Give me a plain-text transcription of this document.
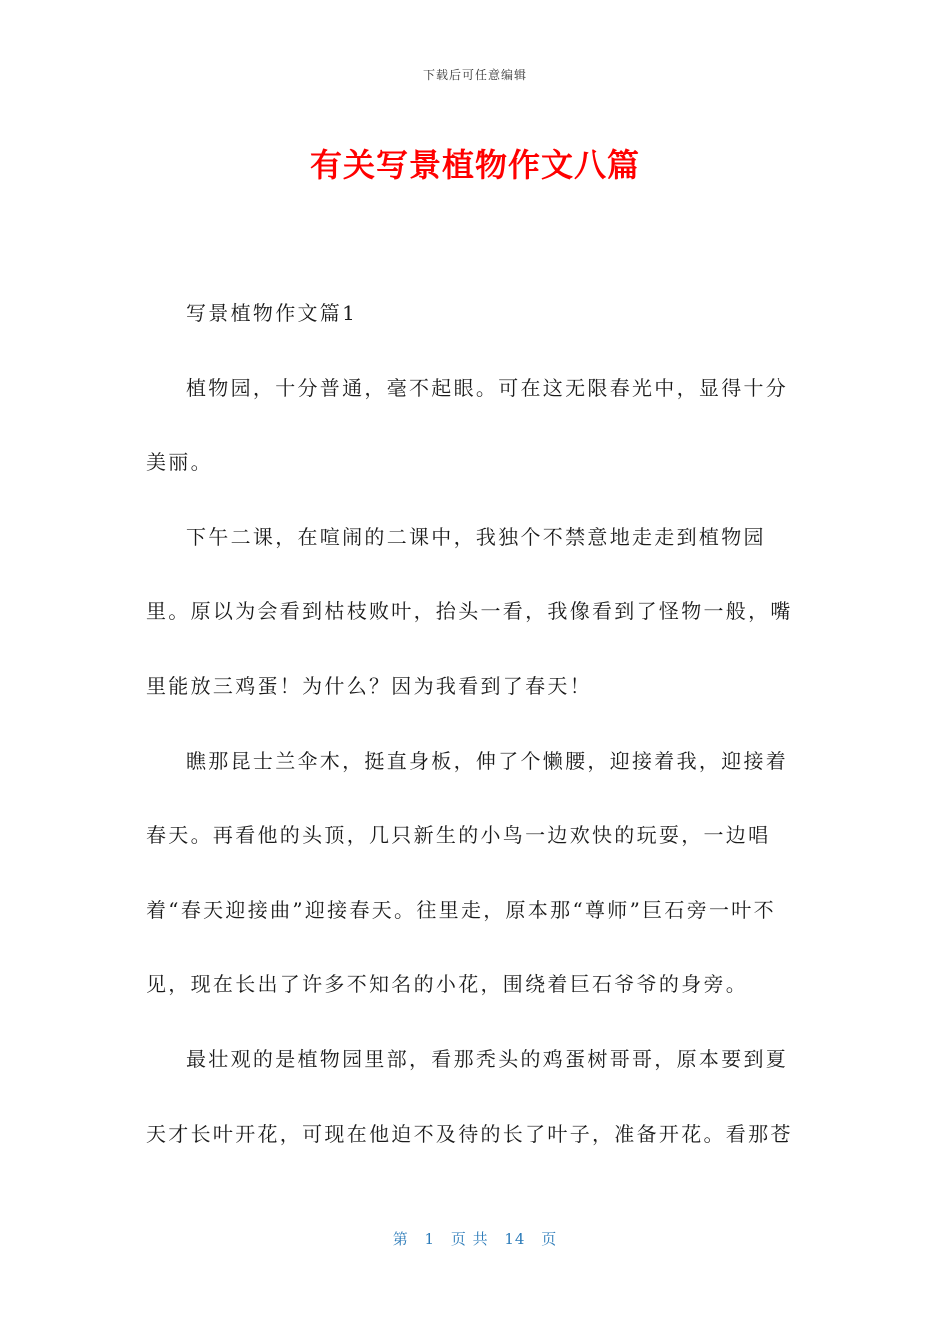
下载后可任意编辑
有关写景植物作文八篇

写景植物作文篇1

植物园，十分普通，毫不起眼。可在这无限春光中，显得十分美丽。

下午二课，在喧闹的二课中，我独个不禁意地走走到植物园里。原以为会看到枯枝败叶，抬头一看，我像看到了怪物一般，嘴里能放三鸡蛋！为什么？因为我看到了春天！

瞧那昆士兰伞木，挺直身板，伸了个懒腰，迎接着我，迎接着春天。再看他的头顶，几只新生的小鸟一边欢快的玩耍，一边唱着“春天迎接曲”迎接春天。往里走，原本那“尊师”巨石旁一叶不见，现在长出了许多不知名的小花，围绕着巨石爷爷的身旁。

最壮观的是植物园里部，看那秃头的鸡蛋树哥哥，原本要到夏天才长叶开花，可现在他迫不及待的长了叶子，准备开花。看那苍

第 1 页 共 14 页
